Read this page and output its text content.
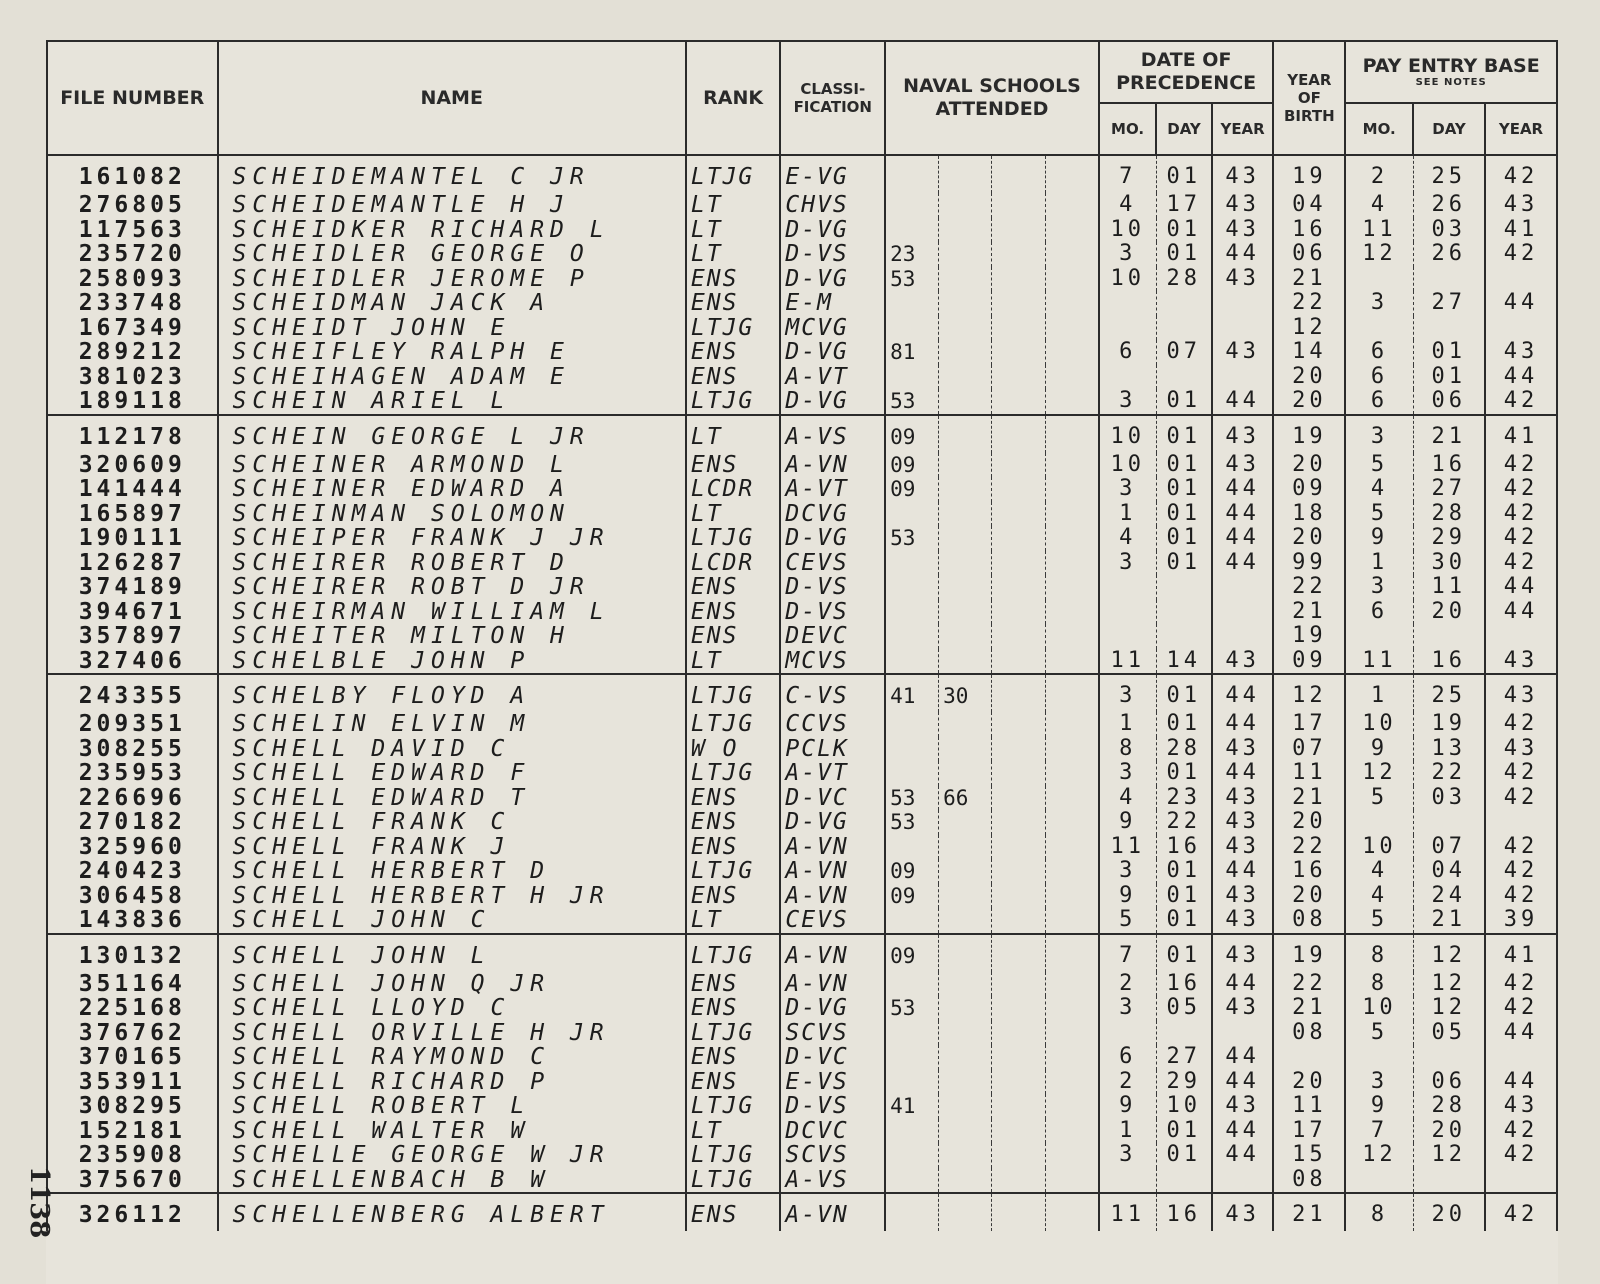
FILE NUMBER	NAME	RANK	CLASSI- FICATION	NAVAL SCHOOLS ATTENDED				DATE OF PRECEDENCE			YEAR OF BIRTH	PAY ENTRY BASE
SEE NOTES		

								MO.	DAY	YEAR		MO.	DAY	YEAR
161082	SCHEIDEMANTEL C JR	LTJG	E-VG					7	01	43	19	2	25	42
276805	SCHEIDEMANTLE H J	LT	CHVS					4	17	43	04	4	26	43
117563	SCHEIDKER RICHARD L	LT	D-VG					10	01	43	16	11	03	41
235720	SCHEIDLER GEORGE O	LT	D-VS	23				3	01	44	06	12	26	42
258093	SCHEIDLER JEROME P	ENS	D-VG	53				10	28	43	21			
233748	SCHEIDMAN JACK A	ENS	E-M								22	3	27	44
167349	SCHEIDT JOHN E	LTJG	MCVG								12			
289212	SCHEIFLEY RALPH E	ENS	D-VG	81				6	07	43	14	6	01	43
381023	SCHEIHAGEN ADAM E	ENS	A-VT								20	6	01	44
189118	SCHEIN ARIEL L	LTJG	D-VG	53				3	01	44	20	6	06	42
112178	SCHEIN GEORGE L JR	LT	A-VS	09				10	01	43	19	3	21	41
320609	SCHEINER ARMOND L	ENS	A-VN	09				10	01	43	20	5	16	42
141444	SCHEINER EDWARD A	LCDR	A-VT	09				3	01	44	09	4	27	42
165897	SCHEINMAN SOLOMON	LT	DCVG					1	01	44	18	5	28	42
190111	SCHEIPER FRANK J JR	LTJG	D-VG	53				4	01	44	20	9	29	42
126287	SCHEIRER ROBERT D	LCDR	CEVS					3	01	44	99	1	30	42
374189	SCHEIRER ROBT D JR	ENS	D-VS								22	3	11	44
394671	SCHEIRMAN WILLIAM L	ENS	D-VS								21	6	20	44
357897	SCHEITER MILTON H	ENS	DEVC								19			
327406	SCHELBLE JOHN P	LT	MCVS					11	14	43	09	11	16	43
243355	SCHELBY FLOYD A	LTJG	C-VS	41	30			3	01	44	12	1	25	43
209351	SCHELIN ELVIN M	LTJG	CCVS					1	01	44	17	10	19	42
308255	SCHELL DAVID C	W O	PCLK					8	28	43	07	9	13	43
235953	SCHELL EDWARD F	LTJG	A-VT					3	01	44	11	12	22	42
226696	SCHELL EDWARD T	ENS	D-VC	53	66			4	23	43	21	5	03	42
270182	SCHELL FRANK C	ENS	D-VG	53				9	22	43	20			
325960	SCHELL FRANK J	ENS	A-VN					11	16	43	22	10	07	42
240423	SCHELL HERBERT D	LTJG	A-VN	09				3	01	44	16	4	04	42
306458	SCHELL HERBERT H JR	ENS	A-VN	09				9	01	43	20	4	24	42
143836	SCHELL JOHN C	LT	CEVS					5	01	43	08	5	21	39
130132	SCHELL JOHN L	LTJG	A-VN	09				7	01	43	19	8	12	41
351164	SCHELL JOHN Q JR	ENS	A-VN					2	16	44	22	8	12	42
225168	SCHELL LLOYD C	ENS	D-VG	53				3	05	43	21	10	12	42
376762	SCHELL ORVILLE H JR	LTJG	SCVS								08	5	05	44
370165	SCHELL RAYMOND C	ENS	D-VC					6	27	44				
353911	SCHELL RICHARD P	ENS	E-VS					2	29	44	20	3	06	44
308295	SCHELL ROBERT L	LTJG	D-VS	41				9	10	43	11	9	28	43
152181	SCHELL WALTER W	LT	DCVC					1	01	44	17	7	20	42
235908	SCHELLE GEORGE W JR	LTJG	SCVS					3	01	44	15	12	12	42
375670	SCHELLENBACH B W	LTJG	A-VS								08			
326112	SCHELLENBERG ALBERT	ENS	A-VN					11	16	43	21	8	20	42
1138
